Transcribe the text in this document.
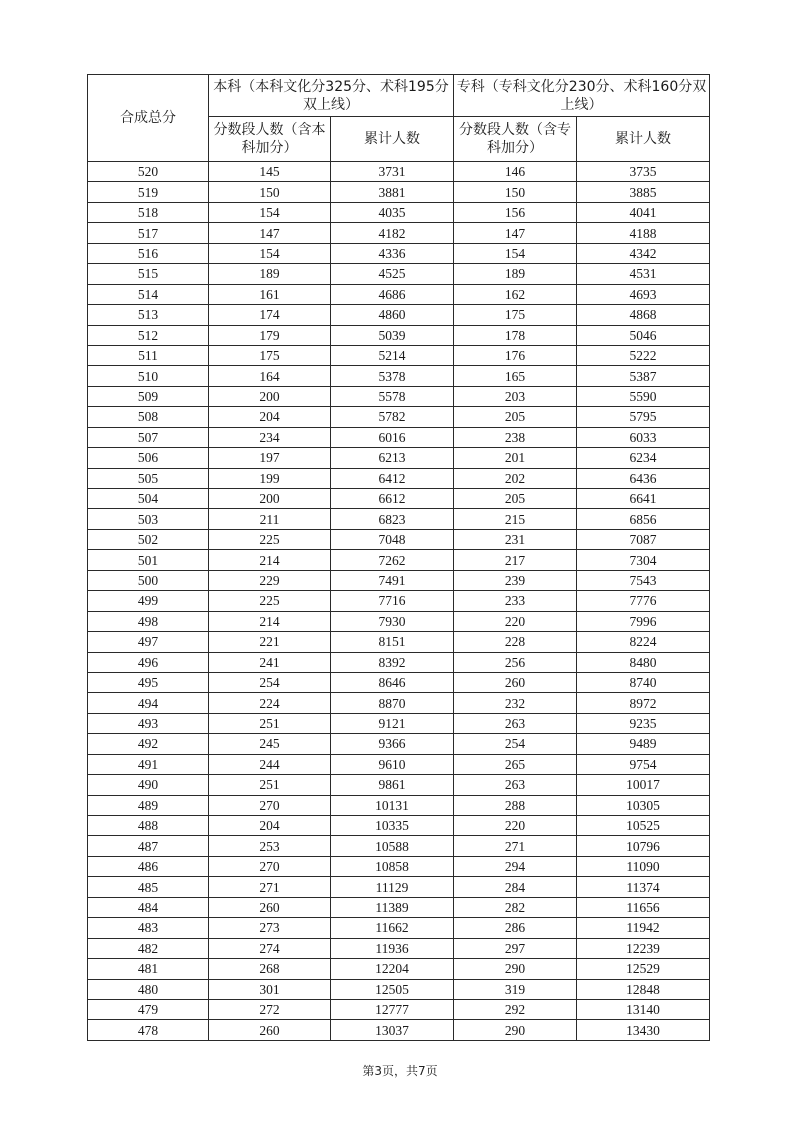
合成总分	本科（本科文化分325分、术科195分双上线）		专科（专科文化分230分、术科160分双上线）	
	分数段人数（含本科加分）	累计人数	分数段人数（含专科加分）	累计人数
520	145	3731	146	3735
519	150	3881	150	3885
518	154	4035	156	4041
517	147	4182	147	4188
516	154	4336	154	4342
515	189	4525	189	4531
514	161	4686	162	4693
513	174	4860	175	4868
512	179	5039	178	5046
511	175	5214	176	5222
510	164	5378	165	5387
509	200	5578	203	5590
508	204	5782	205	5795
507	234	6016	238	6033
506	197	6213	201	6234
505	199	6412	202	6436
504	200	6612	205	6641
503	211	6823	215	6856
502	225	7048	231	7087
501	214	7262	217	7304
500	229	7491	239	7543
499	225	7716	233	7776
498	214	7930	220	7996
497	221	8151	228	8224
496	241	8392	256	8480
495	254	8646	260	8740
494	224	8870	232	8972
493	251	9121	263	9235
492	245	9366	254	9489
491	244	9610	265	9754
490	251	9861	263	10017
489	270	10131	288	10305
488	204	10335	220	10525
487	253	10588	271	10796
486	270	10858	294	11090
485	271	11129	284	11374
484	260	11389	282	11656
483	273	11662	286	11942
482	274	11936	297	12239
481	268	12204	290	12529
480	301	12505	319	12848
479	272	12777	292	13140
478	260	13037	290	13430
第3页，共7页
